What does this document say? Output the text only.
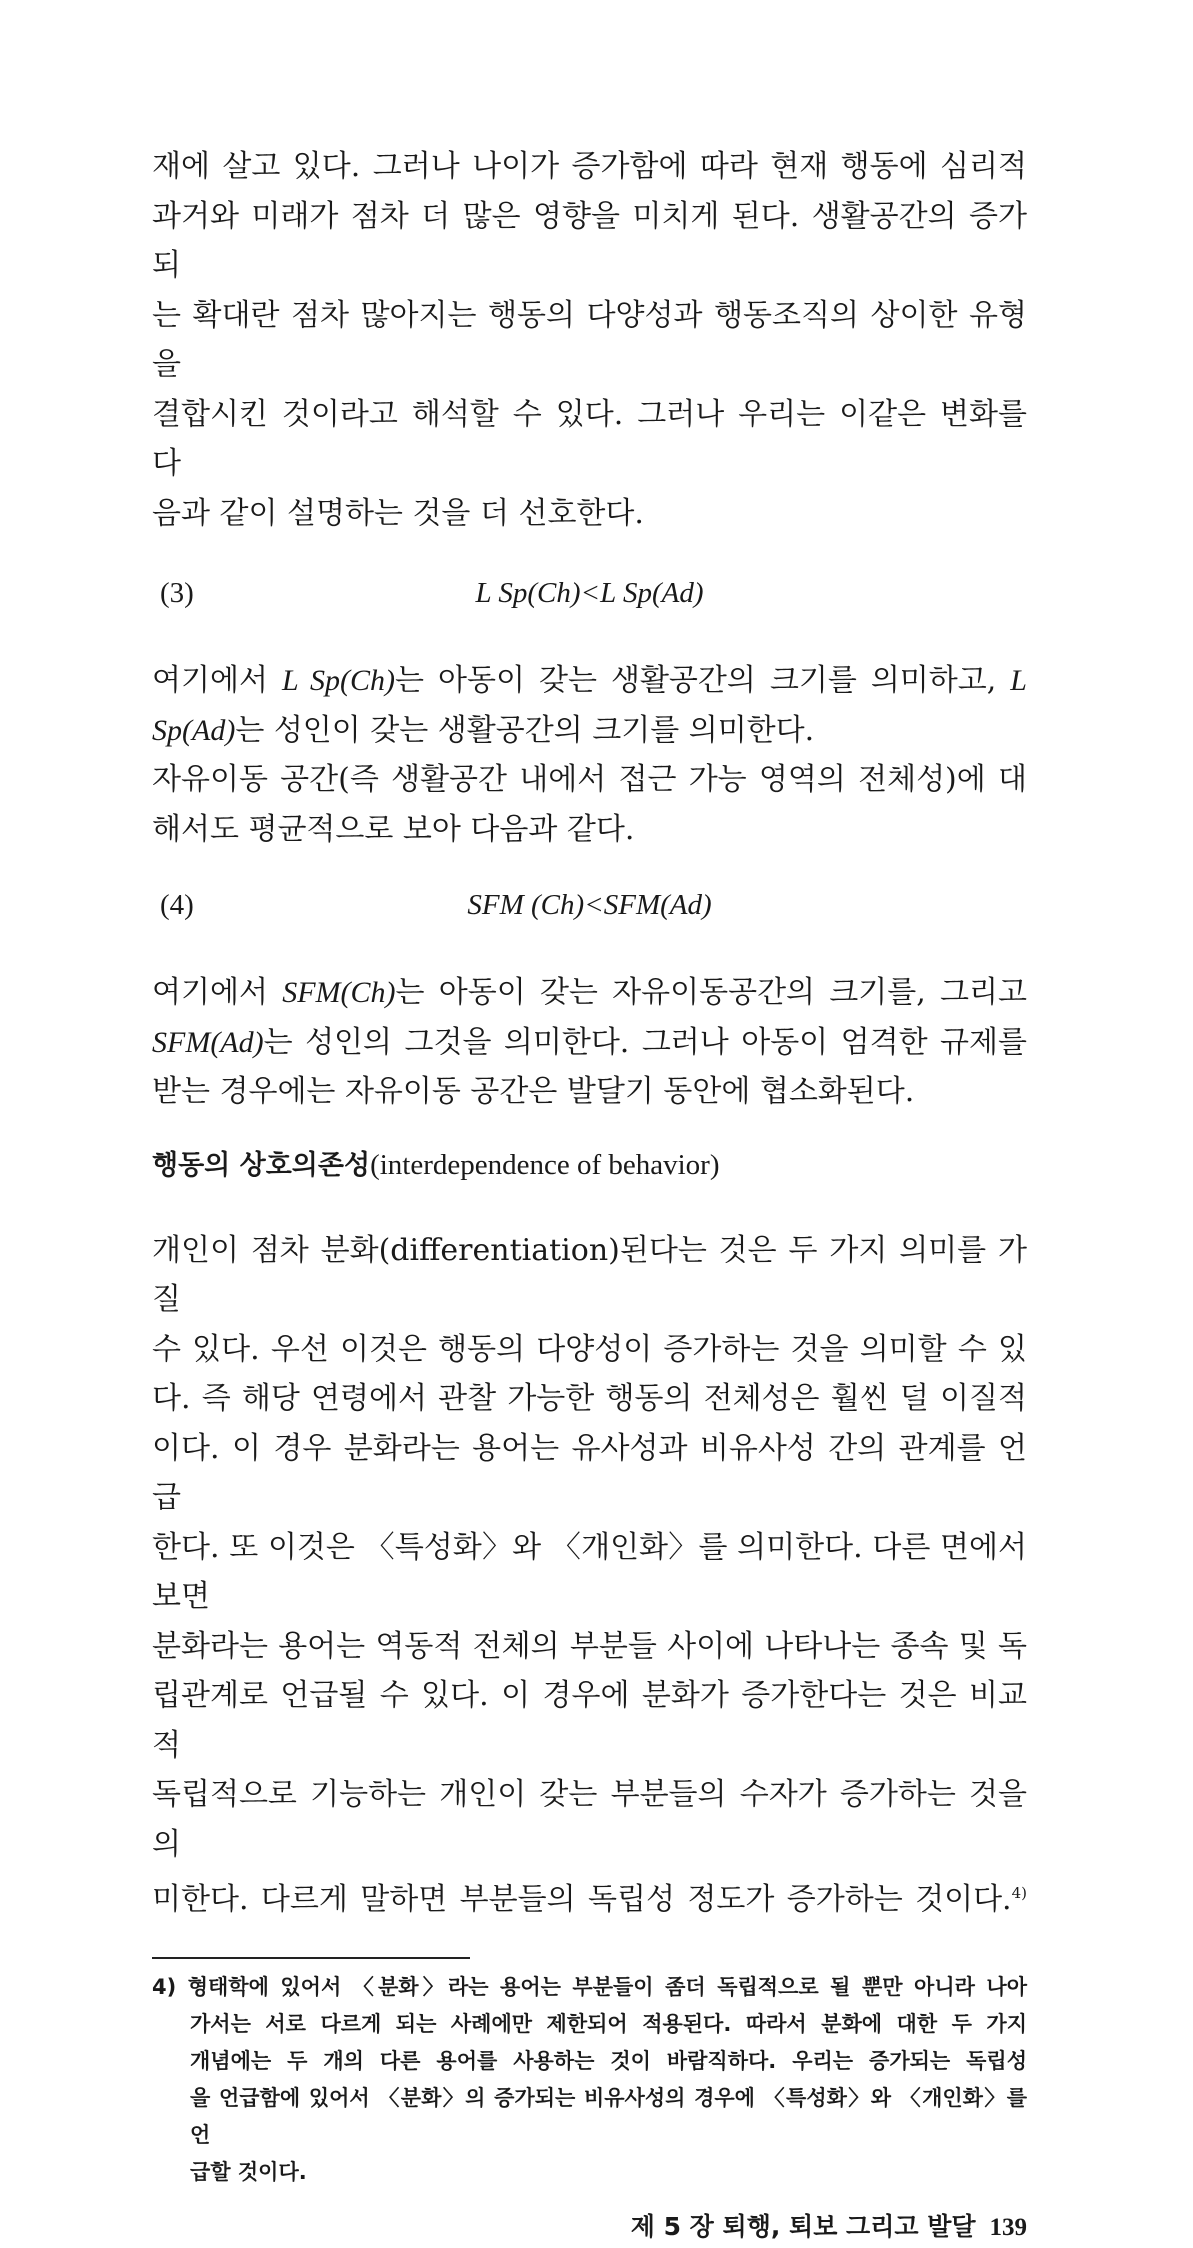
재에 살고 있다. 그러나 나이가 증가함에 따라 현재 행동에 심리적
과거와 미래가 점차 더 많은 영향을 미치게 된다. 생활공간의 증가되
는 확대란 점차 많아지는 행동의 다양성과 행동조직의 상이한 유형을
결합시킨 것이라고 해석할 수 있다. 그러나 우리는 이같은 변화를 다
음과 같이 설명하는 것을 더 선호한다.

(3)	L Sp(Ch)<L Sp(Ad)

여기에서 L Sp(Ch)는 아동이 갖는 생활공간의 크기를 의미하고, L
Sp(Ad)는 성인이 갖는 생활공간의 크기를 의미한다.

자유이동 공간(즉 생활공간 내에서 접근 가능 영역의 전체성)에 대
해서도 평균적으로 보아 다음과 같다.

(4)	SFM (Ch)<SFM(Ad)

여기에서 SFM(Ch)는 아동이 갖는 자유이동공간의 크기를, 그리고
SFM(Ad)는 성인의 그것을 의미한다. 그러나 아동이 엄격한 규제를
받는 경우에는 자유이동 공간은 발달기 동안에 협소화된다.

행동의 상호의존성(interdependence of behavior)

개인이 점차 분화(differentiation)된다는 것은 두 가지 의미를 가질
수 있다. 우선 이것은 행동의 다양성이 증가하는 것을 의미할 수 있
다. 즉 해당 연령에서 관찰 가능한 행동의 전체성은 훨씬 덜 이질적
이다. 이 경우 분화라는 용어는 유사성과 비유사성 간의 관계를 언급
한다. 또 이것은 〈특성화〉와 〈개인화〉를 의미한다. 다른 면에서 보면
분화라는 용어는 역동적 전체의 부분들 사이에 나타나는 종속 및 독
립관계로 언급될 수 있다. 이 경우에 분화가 증가한다는 것은 비교적
독립적으로 기능하는 개인이 갖는 부분들의 수자가 증가하는 것을 의
미한다. 다르게 말하면 부분들의 독립성 정도가 증가하는 것이다.$^{4)}$

4) 형태학에 있어서 〈분화〉라는 용어는 부분들이 좀더 독립적으로 될 뿐만 아니라 나아
가서는 서로 다르게 되는 사례에만 제한되어 적용된다. 따라서 분화에 대한 두 가지
개념에는 두 개의 다른 용어를 사용하는 것이 바람직하다. 우리는 증가되는 독립성
을 언급함에 있어서 〈분화〉의 증가되는 비유사성의 경우에 〈특성화〉와 〈개인화〉를 언
급할 것이다.
제 5 장 퇴행, 퇴보 그리고 발달 139
